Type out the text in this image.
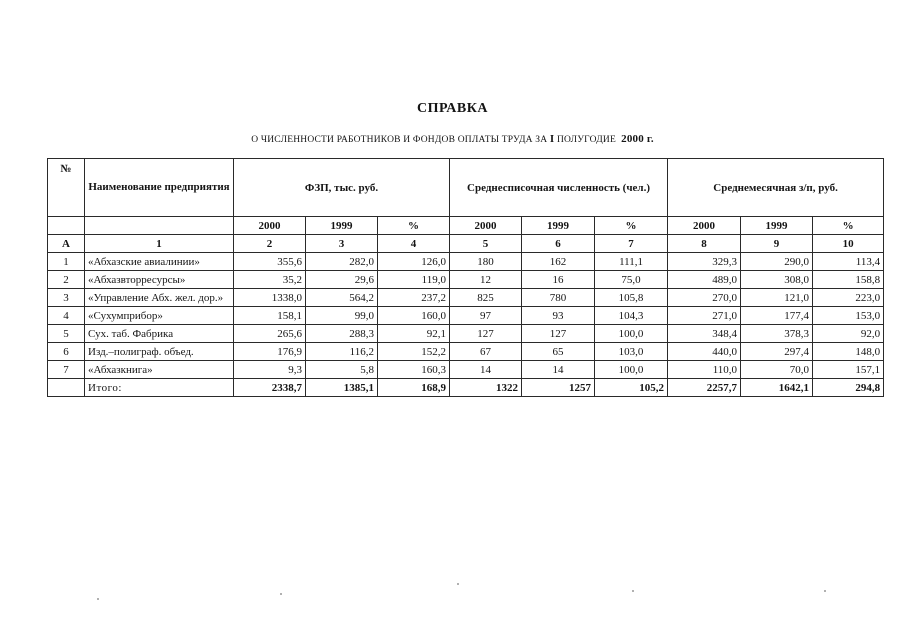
СПРАВКА
О ЧИСЛЕННОСТИ РАБОТНИКОВ И ФОНДОВ ОПЛАТЫ ТРУДА ЗА I ПОЛУГОДИЕ 2000 г.
№	Наименование предприятия	ФЗП, тыс. руб.			Среднесписочная численность (чел.)			Среднемесячная з/п, руб.		
		2000	1999	%	2000	1999	%	2000	1999	%
А	1	2	3	4	5	6	7	8	9	10
1	«Абхазские авиалинии»	355,6	282,0	126,0	180	162	111,1	329,3	290,0	113,4
2	«Абхазвторресурсы»	35,2	29,6	119,0	12	16	75,0	489,0	308,0	158,8
3	«Управление Абх. жел. дор.»	1338,0	564,2	237,2	825	780	105,8	270,0	121,0	223,0
4	«Сухумприбор»	158,1	99,0	160,0	97	93	104,3	271,0	177,4	153,0
5	Сух. таб. Фабрика	265,6	288,3	92,1	127	127	100,0	348,4	378,3	92,0
6	Изд.–полиграф. объед.	176,9	116,2	152,2	67	65	103,0	440,0	297,4	148,0
7	«Абхазкнига»	9,3	5,8	160,3	14	14	100,0	110,0	70,0	157,1
	Итого:	2338,7	1385,1	168,9	1322	1257	105,2	2257,7	1642,1	294,8
